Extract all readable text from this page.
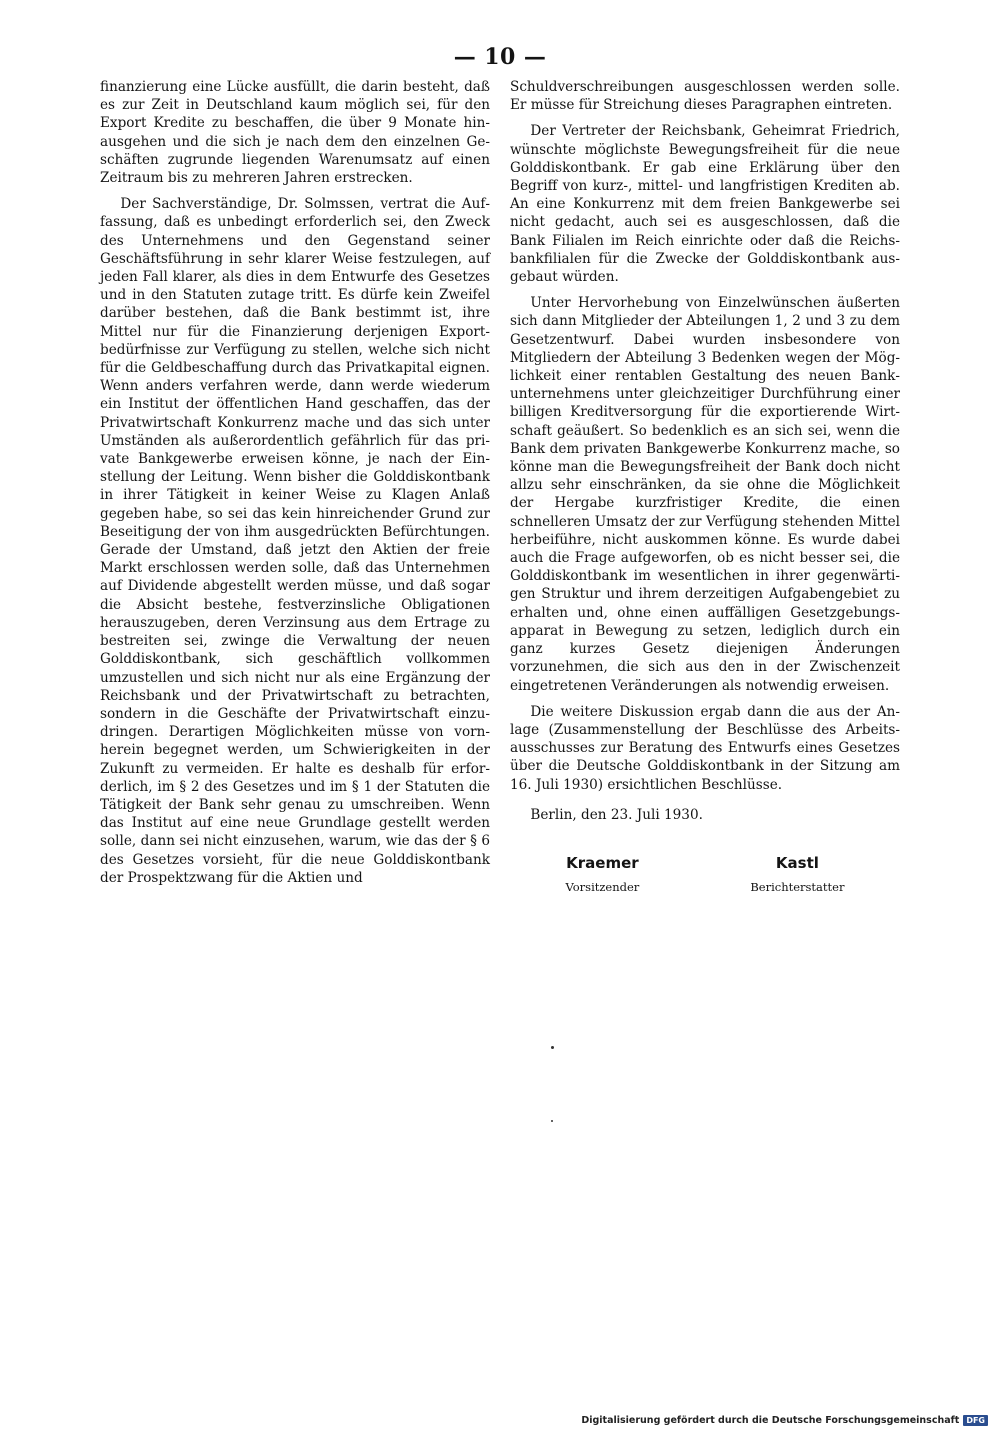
— 10 —

finanzierung eine Lücke ausfüllt, die darin besteht, daß es zur Zeit in Deutschland kaum möglich sei, für den Export Kredite zu beschaffen, die über 9 Monate hinausgehen und die sich je nach dem den einzelnen Geschäften zugrunde liegenden Warenumsatz auf einen Zeitraum bis zu mehreren Jahren erstrecken.

Der Sachverständige, Dr. Solmssen, vertrat die Auffassung, daß es unbedingt erforderlich sei, den Zweck des Unternehmens und den Gegenstand seiner Geschäftsführung in sehr klarer Weise festzulegen, auf jeden Fall klarer, als dies in dem Entwurfe des Gesetzes und in den Statuten zutage tritt. Es dürfe kein Zweifel darüber bestehen, daß die Bank bestimmt ist, ihre Mittel nur für die Finanzierung derjenigen Exportbedürfnisse zur Verfügung zu stellen, welche sich nicht für die Geldbeschaffung durch das Privatkapital eignen. Wenn anders verfahren werde, dann werde wiederum ein Institut der öffentlichen Hand geschaffen, das der Privatwirtschaft Konkurrenz mache und das sich unter Umständen als außerordentlich gefährlich für das private Bankgewerbe erweisen könne, je nach der Einstellung der Leitung. Wenn bisher die Golddiskontbank in ihrer Tätigkeit in keiner Weise zu Klagen Anlaß gegeben habe, so sei das kein hinreichender Grund zur Beseitigung der von ihm ausgedrückten Befürchtungen. Gerade der Umstand, daß jetzt den Aktien der freie Markt erschlossen werden solle, daß das Unternehmen auf Dividende abgestellt werden müsse, und daß sogar die Absicht bestehe, festverzinsliche Obligationen herauszugeben, deren Verzinsung aus dem Ertrage zu bestreiten sei, zwinge die Verwaltung der neuen Golddiskontbank, sich geschäftlich vollkommen umzustellen und sich nicht nur als eine Ergänzung der Reichsbank und der Privatwirtschaft zu betrachten, sondern in die Geschäfte der Privatwirtschaft einzudringen. Derartigen Möglichkeiten müsse von vornherein begegnet werden, um Schwierigkeiten in der Zukunft zu vermeiden. Er halte es deshalb für erforderlich, im § 2 des Gesetzes und im § 1 der Statuten die Tätigkeit der Bank sehr genau zu umschreiben. Wenn das Institut auf eine neue Grundlage gestellt werden solle, dann sei nicht einzusehen, warum, wie das der § 6 des Gesetzes vorsieht, für die neue Golddiskontbank der Prospektzwang für die Aktien und

Schuldverschreibungen ausgeschlossen werden solle. Er müsse für Streichung dieses Paragraphen eintreten.

Der Vertreter der Reichsbank, Geheimrat Friedrich, wünschte möglichste Bewegungsfreiheit für die neue Golddiskontbank. Er gab eine Erklärung über den Begriff von kurz-, mittel- und langfristigen Krediten ab. An eine Konkurrenz mit dem freien Bankgewerbe sei nicht gedacht, auch sei es ausgeschlossen, daß die Bank Filialen im Reich einrichte oder daß die Reichsbankfilialen für die Zwecke der Golddiskontbank ausgebaut würden.

Unter Hervorhebung von Einzelwünschen äußerten sich dann Mitglieder der Abteilungen 1, 2 und 3 zu dem Gesetzentwurf. Dabei wurden insbesondere von Mitgliedern der Abteilung 3 Bedenken wegen der Möglichkeit einer rentablen Gestaltung des neuen Bankunternehmens unter gleichzeitiger Durchführung einer billigen Kreditversorgung für die exportierende Wirtschaft geäußert. So bedenklich es an sich sei, wenn die Bank dem privaten Bankgewerbe Konkurrenz mache, so könne man die Bewegungsfreiheit der Bank doch nicht allzu sehr einschränken, da sie ohne die Möglichkeit der Hergabe kurzfristiger Kredite, die einen schnelleren Umsatz der zur Verfügung stehenden Mittel herbeiführe, nicht auskommen könne. Es wurde dabei auch die Frage aufgeworfen, ob es nicht besser sei, die Golddiskontbank im wesentlichen in ihrer gegenwärtigen Struktur und ihrem derzeitigen Aufgabengebiet zu erhalten und, ohne einen auffälligen Gesetzgebungsapparat in Bewegung zu setzen, lediglich durch ein ganz kurzes Gesetz diejenigen Änderungen vorzunehmen, die sich aus den in der Zwischenzeit eingetretenen Veränderungen als notwendig erweisen.

Die weitere Diskussion ergab dann die aus der Anlage (Zusammenstellung der Beschlüsse des Arbeitsausschusses zur Beratung des Entwurfs eines Gesetzes über die Deutsche Golddiskontbank in der Sitzung am 16. Juli 1930) ersichtlichen Beschlüsse.

Berlin, den 23. Juli 1930.

Kraemer
Vorsitzender
Kastl
Berichterstatter
Digitalisierung gefördert durch die Deutsche Forschungsgemeinschaft DFG
